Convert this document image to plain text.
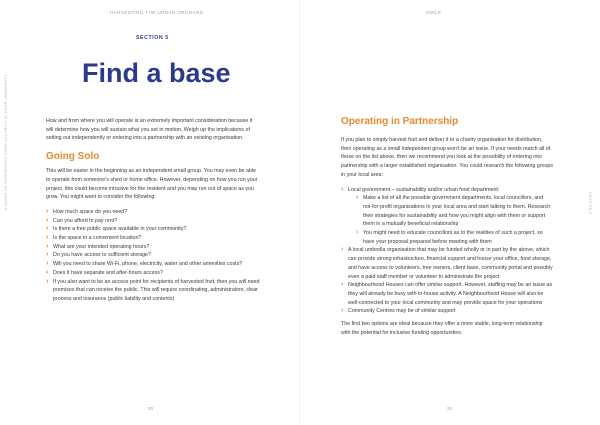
HARVESTING THE URBAN ORCHARD
A GUIDE TO SUPPORTING FOOD SECURITY IN YOUR COMMUNITY
SECTION 5
Find a base

How and from where you will operate is an extremely important consideration because it will determine how you will sustain what you set in motion. Weigh up the implications of setting out independently or entering into a partnership with an existing organisation.

Going Solo

This will be easier in the beginning as an independent small group. You may even be able to operate from someone's shed or home office. However, depending on how you run your project, this could become intrusive for the resident and you may run out of space as you grow. You might want to consider the following:

› How much space do you need?
› Can you afford to pay rent?
› Is there a free public space available in your community?
› Is the space in a convenient location?
› What are your intended operating hours?
› Do you have access to sufficient storage?
› Will you need to share Wi-Fi, phone, electricity, water and other amenities costs?
› Does it have separate and after-hours access?
› If you also want to be an access point for recipients of harvested fruit, then you will need premises that can receive the public. This will require coordinating, administration, clear process and insurance (public liability and contents)
30
OWLS
31
SECTION 5
Operating in Partnership

If you plan to simply harvest fruit and deliver it to a charity organisation for distribution, then operating as a small independent group won't be an issue. If your needs match all of those on the list above, then we recommend you look at the possibility of entering into partnership with a larger established organisation. You could research the following groups in your local area:

› Local government – sustainability and/or urban food department:
› Make a list of all the possible government departments, local councillors, and not-for-profit organisations in your local area and start talking to them. Research their strategies for sustainability and how you might align with them or support them in a mutually beneficial relationship
› You might need to educate councillors as to the realities of such a project, so have your proposal prepared before meeting with them
› A local umbrella organisation that may be funded wholly or in part by the above, which can provide strong infrastructure, financial support and house your office, food storage, and have access to volunteers, tree owners, client base, community portal and possibly even a paid staff member or volunteer to administrate the project
› Neighbourhood Houses can offer similar support. However, staffing may be an issue as they will already be busy with in-house activity. A Neighbourhood House will also be well-connected to your local community and may provide space for your operations
› Community Centres may be of similar support

The first two options are ideal because they offer a more stable, long-term relationship with the potential for inclusive funding opportunities.
